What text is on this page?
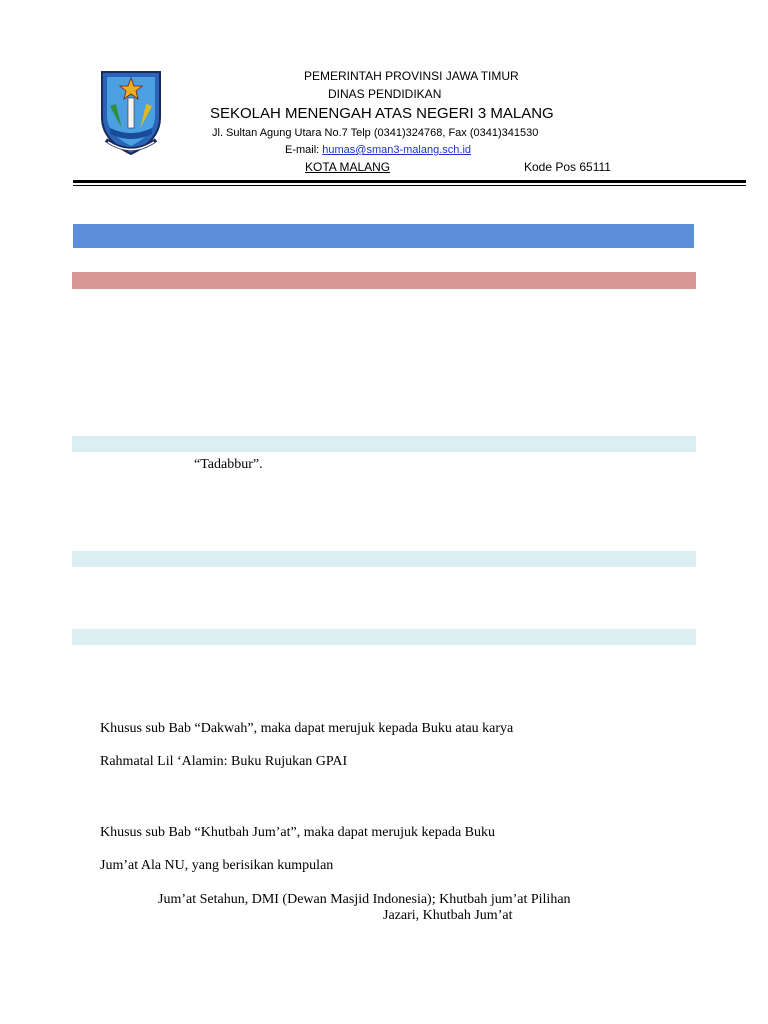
PEMERINTAH PROVINSI JAWA TIMUR
DINAS PENDIDIKAN
SEKOLAH MENENGAH ATAS NEGERI 3 MALANG
Jl. Sultan Agung Utara No.7 Telp (0341)324768, Fax (0341)341530
E-mail: humas@sman3-malang.sch.id
KOTA MALANG	Kode Pos 65111
“Tadabbur”.
Khusus sub Bab “Dakwah”, maka dapat merujuk kepada Buku atau karya
Rahmatal Lil ‘Alamin: Buku Rujukan GPAI
Khusus sub Bab “Khutbah Jum’at”, maka dapat merujuk kepada Buku
Jum’at Ala NU, yang berisikan kumpulan
Jum’at Setahun, DMI (Dewan Masjid Indonesia); Khutbah jum’at Pilihan
Jazari, Khutbah Jum’at
